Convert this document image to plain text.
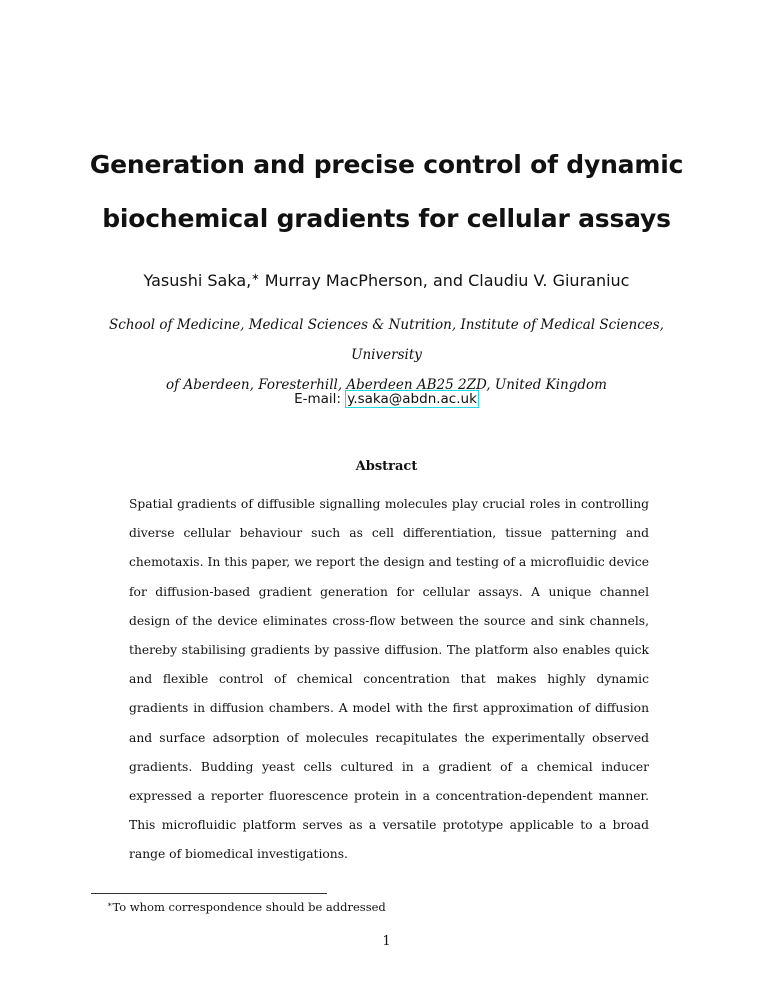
Generation and precise control of dynamic
biochemical gradients for cellular assays
Yasushi Saka,∗ Murray MacPherson, and Claudiu V. Giuraniuc
School of Medicine, Medical Sciences & Nutrition, Institute of Medical Sciences, University
of Aberdeen, Foresterhill, Aberdeen AB25 2ZD, United Kingdom
E-mail: y.saka@abdn.ac.uk
Abstract
Spatial gradients of diffusible signalling molecules play crucial roles in controlling diverse cellular behaviour such as cell differentiation, tissue patterning and chemotaxis. In this paper, we report the design and testing of a microfluidic device for diffusion-based gradient generation for cellular assays. A unique channel design of the device eliminates cross-flow between the source and sink channels, thereby stabilising gradients by passive diffusion. The platform also enables quick and flexible control of chemical concentration that makes highly dynamic gradients in diffusion chambers. A model with the first approximation of diffusion and surface adsorption of molecules recapitulates the experimentally observed gradients. Budding yeast cells cultured in a gradient of a chemical inducer expressed a reporter fluorescence protein in a concentration-dependent manner. This microfluidic platform serves as a versatile prototype applicable to a broad range of biomedical investigations.
∗To whom correspondence should be addressed
1
